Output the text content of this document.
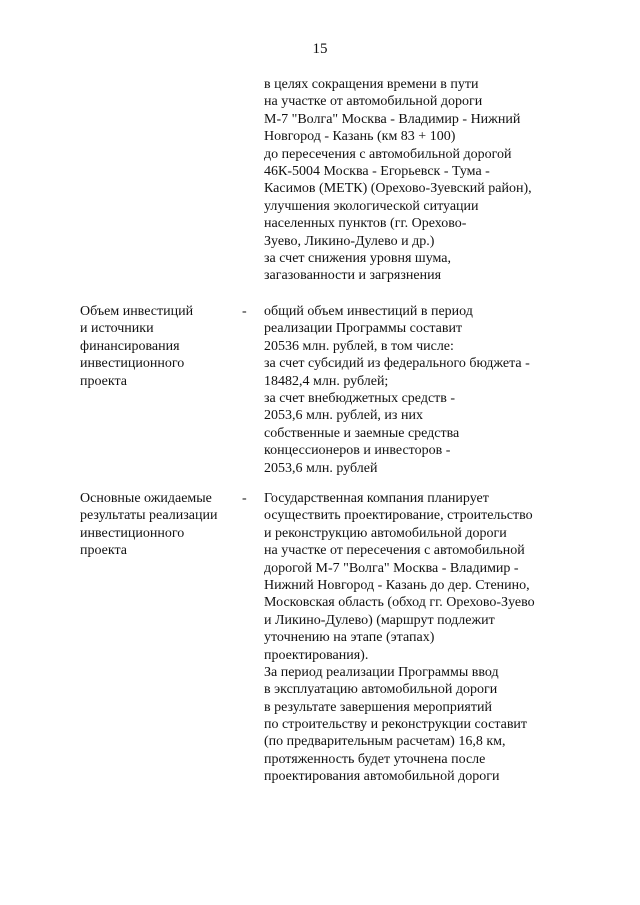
15
в целях сокращения времени в пути
на участке от автомобильной дороги
М-7 "Волга" Москва - Владимир - Нижний
Новгород - Казань (км 83 + 100)
до пересечения с автомобильной дорогой
46К-5004 Москва - Егорьевск - Тума -
Касимов (МЕТК) (Орехово-Зуевский район),
улучшения экологической ситуации
населенных пунктов (гг. Орехово-
Зуево, Ликино-Дулево и др.)
за счет снижения уровня шума,
загазованности и загрязнения
Объем инвестиций
и источники
финансирования
инвестиционного
проекта
- общий объем инвестиций в период
реализации Программы составит
20536 млн. рублей, в том числе:
за счет субсидий из федерального бюджета -
18482,4 млн. рублей;
за счет внебюджетных средств -
2053,6 млн. рублей, из них
собственные и заемные средства
концессионеров и инвесторов -
2053,6 млн. рублей
Основные ожидаемые
результаты реализации
инвестиционного
проекта
- Государственная компания планирует
осуществить проектирование, строительство
и реконструкцию автомобильной дороги
на участке от пересечения с автомобильной
дорогой М-7 "Волга" Москва - Владимир -
Нижний Новгород - Казань до дер. Стенино,
Московская область (обход гг. Орехово-Зуево
и Ликино-Дулево) (маршрут подлежит
уточнению на этапе (этапах)
проектирования).
За период реализации Программы ввод
в эксплуатацию автомобильной дороги
в результате завершения мероприятий
по строительству и реконструкции составит
(по предварительным расчетам) 16,8 км,
протяженность будет уточнена после
проектирования автомобильной дороги
